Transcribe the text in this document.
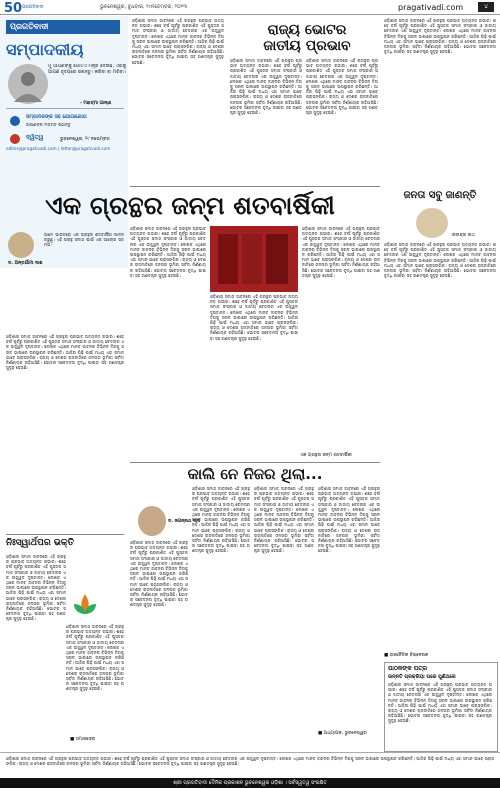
50 ପ୍ରଗତିବାଦୀ	ଭୁବନେଶ୍ୱର, ବୁଧବାର, ୨୯ନବେମ୍ବର, ୨୦୨୩	pragativadi.com	୪
ପ୍ରଗତିବାଦୀ
ସମ୍ପାଦକୀୟ
ମୁଁ ଆପଣଙ୍କୁ ଗୋଟିଏ ମନ୍ତ୍ର ଦେଉଛି, ଏହାକୁ ଆପଣ ହୃଦୟରେ ରଖନ୍ତୁ। କରିବା ବା ମରିବା।
- ମହାତ୍ମା ଗାନ୍ଧୀ
ସମ୍ପାଦକଙ୍କ ସହ ଯୋଗାଯୋଗ
ଆପଣଙ୍କ ମତାମତ ପଠାନ୍ତୁ
ଦ୍ୱିତ୍ୱ	ଭୁବନେଶ୍ୱର, ୨୯ ନଭେମ୍ବର
editor@pragativadi.com | letter@pragativadi.com
ଓଡ଼ିଶାର ସମାଜ ଜୀବନରେ ଏହି ଗ୍ରନ୍ଥର ପ୍ରଭାବ ଅତ୍ୟନ୍ତ ଗଭୀର। ଶହେ ବର୍ଷ ପୂର୍ବରୁ ପ୍ରକାଶିତ ଏହି ପୁସ୍ତକ ସମାଜ ସଂସ୍କାର ଓ ଜାତୀୟ ଚେତନାର ଏକ ଉଜ୍ଜ୍ୱଳ ଦୃଷ୍ଟାନ୍ତ। ଲେଖକ ଏଥିରେ ମାନବ ଜୀବନର ବିଭିନ୍ନ ଦିଗକୁ ସରଳ ଭାଷାରେ ଉପସ୍ଥାପନ କରିଛନ୍ତି। ଆଜିର ପିଢ଼ି ପାଇଁ ମଧ୍ୟ ଏହା ସମାନ ଭାବେ ପ୍ରାସଙ୍ଗିକ। ରାଜ୍ୟ ଓ ଦେଶର ରାଜନୀତିରେ ଜନତାର ଭୂମିକା ସର୍ବଦା ନିର୍ଣ୍ଣାୟକ ରହିଆସିଛି। ଭୋଟର ସଚେତନତା ବୃଦ୍ଧି ପାଇବା ସହ ଗଣତନ୍ତ୍ର ସୁଦୃଢ଼ ହେଉଛି।
ରାଜ୍ୟ ଭୋଟର
ଜାତୀୟ ପ୍ରଭାବ
ଓଡ଼ିଶାର ସମାଜ ଜୀବନରେ ଏହି ଗ୍ରନ୍ଥର ପ୍ରଭାବ ଅତ୍ୟନ୍ତ ଗଭୀର। ଶହେ ବର୍ଷ ପୂର୍ବରୁ ପ୍ରକାଶିତ ଏହି ପୁସ୍ତକ ସମାଜ ସଂସ୍କାର ଓ ଜାତୀୟ ଚେତନାର ଏକ ଉଜ୍ଜ୍ୱଳ ଦୃଷ୍ଟାନ୍ତ। ଲେଖକ ଏଥିରେ ମାନବ ଜୀବନର ବିଭିନ୍ନ ଦିଗକୁ ସରଳ ଭାଷାରେ ଉପସ୍ଥାପନ କରିଛନ୍ତି। ଆଜିର ପିଢ଼ି ପାଇଁ ମଧ୍ୟ ଏହା ସମାନ ଭାବେ ପ୍ରାସଙ୍ଗିକ। ରାଜ୍ୟ ଓ ଦେଶର ରାଜନୀତିରେ ଜନତାର ଭୂମିକା ସର୍ବଦା ନିର୍ଣ୍ଣାୟକ ରହିଆସିଛି। ଭୋଟର ସଚେତନତା ବୃଦ୍ଧି ପାଇବା ସହ ଗଣତନ୍ତ୍ର ସୁଦୃଢ଼ ହେଉଛି।
ଓଡ଼ିଶାର ସମାଜ ଜୀବନରେ ଏହି ଗ୍ରନ୍ଥର ପ୍ରଭାବ ଅତ୍ୟନ୍ତ ଗଭୀର। ଶହେ ବର୍ଷ ପୂର୍ବରୁ ପ୍ରକାଶିତ ଏହି ପୁସ୍ତକ ସମାଜ ସଂସ୍କାର ଓ ଜାତୀୟ ଚେତନାର ଏକ ଉଜ୍ଜ୍ୱଳ ଦୃଷ୍ଟାନ୍ତ। ଲେଖକ ଏଥିରେ ମାନବ ଜୀବନର ବିଭିନ୍ନ ଦିଗକୁ ସରଳ ଭାଷାରେ ଉପସ୍ଥାପନ କରିଛନ୍ତି। ଆଜିର ପିଢ଼ି ପାଇଁ ମଧ୍ୟ ଏହା ସମାନ ଭାବେ ପ୍ରାସଙ୍ଗିକ। ରାଜ୍ୟ ଓ ଦେଶର ରାଜନୀତିରେ ଜନତାର ଭୂମିକା ସର୍ବଦା ନିର୍ଣ୍ଣାୟକ ରହିଆସିଛି। ଭୋଟର ସଚେତନତା ବୃଦ୍ଧି ପାଇବା ସହ ଗଣତନ୍ତ୍ର ସୁଦୃଢ଼ ହେଉଛି।
ଓଡ଼ିଶାର ସମାଜ ଜୀବନରେ ଏହି ଗ୍ରନ୍ଥର ପ୍ରଭାବ ଅତ୍ୟନ୍ତ ଗଭୀର। ଶହେ ବର୍ଷ ପୂର୍ବରୁ ପ୍ରକାଶିତ ଏହି ପୁସ୍ତକ ସମାଜ ସଂସ୍କାର ଓ ଜାତୀୟ ଚେତନାର ଏକ ଉଜ୍ଜ୍ୱଳ ଦୃଷ୍ଟାନ୍ତ। ଲେଖକ ଏଥିରେ ମାନବ ଜୀବନର ବିଭିନ୍ନ ଦିଗକୁ ସରଳ ଭାଷାରେ ଉପସ୍ଥାପନ କରିଛନ୍ତି। ଆଜିର ପିଢ଼ି ପାଇଁ ମଧ୍ୟ ଏହା ସମାନ ଭାବେ ପ୍ରାସଙ୍ଗିକ। ରାଜ୍ୟ ଓ ଦେଶର ରାଜନୀତିରେ ଜନତାର ଭୂମିକା ସର୍ବଦା ନିର୍ଣ୍ଣାୟକ ରହିଆସିଛି। ଭୋଟର ସଚେତନତା ବୃଦ୍ଧି ପାଇବା ସହ ଗଣତନ୍ତ୍ର ସୁଦୃଢ଼ ହେଉଛି।
ଏକ ଗ୍ରନ୍ଥର ଜନ୍ମ ଶତବାର୍ଷିକୀ	ଜନତା ସବୁ ଜାଣନ୍ତି
ରବୀନ୍ଦ୍ର ନାଥ
ଓଡ଼ିଶାର ସମାଜ ଜୀବନରେ ଏହି ଗ୍ରନ୍ଥର ପ୍ରଭାବ ଅତ୍ୟନ୍ତ ଗଭୀର। ଶହେ ବର୍ଷ ପୂର୍ବରୁ ପ୍ରକାଶିତ ଏହି ପୁସ୍ତକ ସମାଜ ସଂସ୍କାର ଓ ଜାତୀୟ ଚେତନାର ଏକ ଉଜ୍ଜ୍ୱଳ ଦୃଷ୍ଟାନ୍ତ। ଲେଖକ ଏଥିରେ ମାନବ ଜୀବନର ବିଭିନ୍ନ ଦିଗକୁ ସରଳ ଭାଷାରେ ଉପସ୍ଥାପନ କରିଛନ୍ତି। ଆଜିର ପିଢ଼ି ପାଇଁ ମଧ୍ୟ ଏହା ସମାନ ଭାବେ ପ୍ରାସଙ୍ଗିକ। ରାଜ୍ୟ ଓ ଦେଶର ରାଜନୀତିରେ ଜନତାର ଭୂମିକା ସର୍ବଦା ନିର୍ଣ୍ଣାୟକ ରହିଆସିଛି। ଭୋଟର ସଚେତନତା ବୃଦ୍ଧି ପାଇବା ସହ ଗଣତନ୍ତ୍ର ସୁଦୃଢ଼ ହେଉଛି।
■ ରାଜନୈତିକ ବିଶ୍ଳେଷକ
ଡ. ଅନ୍ତର୍ଯାମୀ ଦାଶ
ଆମେ ଭାରତରେ ଏକ ଗ୍ରନ୍ଥର ଶତବାର୍ଷିକୀ ପାଳନ କରୁଛୁ। ଏହି ଗ୍ରନ୍ଥ ସମାଜ ପାଇଁ ଏକ ଆଲୋକ ସ୍ତମ୍ଭ।
ଓଡ଼ିଶାର ସମାଜ ଜୀବନରେ ଏହି ଗ୍ରନ୍ଥର ପ୍ରଭାବ ଅତ୍ୟନ୍ତ ଗଭୀର। ଶହେ ବର୍ଷ ପୂର୍ବରୁ ପ୍ରକାଶିତ ଏହି ପୁସ୍ତକ ସମାଜ ସଂସ୍କାର ଓ ଜାତୀୟ ଚେତନାର ଏକ ଉଜ୍ଜ୍ୱଳ ଦୃଷ୍ଟାନ୍ତ। ଲେଖକ ଏଥିରେ ମାନବ ଜୀବନର ବିଭିନ୍ନ ଦିଗକୁ ସରଳ ଭାଷାରେ ଉପସ୍ଥାପନ କରିଛନ୍ତି। ଆଜିର ପିଢ଼ି ପାଇଁ ମଧ୍ୟ ଏହା ସମାନ ଭାବେ ପ୍ରାସଙ୍ଗିକ। ରାଜ୍ୟ ଓ ଦେଶର ରାଜନୀତିରେ ଜନତାର ଭୂମିକା ସର୍ବଦା ନିର୍ଣ୍ଣାୟକ ରହିଆସିଛି। ଭୋଟର ସଚେତନତା ବୃଦ୍ଧି ପାଇବା ସହ ଗଣତନ୍ତ୍ର ସୁଦୃଢ଼ ହେଉଛି।
ଓଡ଼ିଶାର ସମାଜ ଜୀବନରେ ଏହି ଗ୍ରନ୍ଥର ପ୍ରଭାବ ଅତ୍ୟନ୍ତ ଗଭୀର। ଶହେ ବର୍ଷ ପୂର୍ବରୁ ପ୍ରକାଶିତ ଏହି ପୁସ୍ତକ ସମାଜ ସଂସ୍କାର ଓ ଜାତୀୟ ଚେତନାର ଏକ ଉଜ୍ଜ୍ୱଳ ଦୃଷ୍ଟାନ୍ତ। ଲେଖକ ଏଥିରେ ମାନବ ଜୀବନର ବିଭିନ୍ନ ଦିଗକୁ ସରଳ ଭାଷାରେ ଉପସ୍ଥାପନ କରିଛନ୍ତି। ଆଜିର ପିଢ଼ି ପାଇଁ ମଧ୍ୟ ଏହା ସମାନ ଭାବେ ପ୍ରାସଙ୍ଗିକ। ରାଜ୍ୟ ଓ ଦେଶର ରାଜନୀତିରେ ଜନତାର ଭୂମିକା ସର୍ବଦା ନିର୍ଣ୍ଣାୟକ ରହିଆସିଛି। ଭୋଟର ସଚେତନତା ବୃଦ୍ଧି ପାଇବା ସହ ଗଣତନ୍ତ୍ର ସୁଦୃଢ଼ ହେଉଛି।
ଓଡ଼ିଶାର ସମାଜ ଜୀବନରେ ଏହି ଗ୍ରନ୍ଥର ପ୍ରଭାବ ଅତ୍ୟନ୍ତ ଗଭୀର। ଶହେ ବର୍ଷ ପୂର୍ବରୁ ପ୍ରକାଶିତ ଏହି ପୁସ୍ତକ ସମାଜ ସଂସ୍କାର ଓ ଜାତୀୟ ଚେତନାର ଏକ ଉଜ୍ଜ୍ୱଳ ଦୃଷ୍ଟାନ୍ତ। ଲେଖକ ଏଥିରେ ମାନବ ଜୀବନର ବିଭିନ୍ନ ଦିଗକୁ ସରଳ ଭାଷାରେ ଉପସ୍ଥାପନ କରିଛନ୍ତି। ଆଜିର ପିଢ଼ି ପାଇଁ ମଧ୍ୟ ଏହା ସମାନ ଭାବେ ପ୍ରାସଙ୍ଗିକ। ରାଜ୍ୟ ଓ ଦେଶର ରାଜନୀତିରେ ଜନତାର ଭୂମିକା ସର୍ବଦା ନିର୍ଣ୍ଣାୟକ ରହିଆସିଛି। ଭୋଟର ସଚେତନତା ବୃଦ୍ଧି ପାଇବା ସହ ଗଣତନ୍ତ୍ର ସୁଦୃଢ଼ ହେଉଛି।
ଓଡ଼ିଶାର ସମାଜ ଜୀବନରେ ଏହି ଗ୍ରନ୍ଥର ପ୍ରଭାବ ଅତ୍ୟନ୍ତ ଗଭୀର। ଶହେ ବର୍ଷ ପୂର୍ବରୁ ପ୍ରକାଶିତ ଏହି ପୁସ୍ତକ ସମାଜ ସଂସ୍କାର ଓ ଜାତୀୟ ଚେତନାର ଏକ ଉଜ୍ଜ୍ୱଳ ଦୃଷ୍ଟାନ୍ତ। ଲେଖକ ଏଥିରେ ମାନବ ଜୀବନର ବିଭିନ୍ନ ଦିଗକୁ ସରଳ ଭାଷାରେ ଉପସ୍ଥାପନ କରିଛନ୍ତି। ଆଜିର ପିଢ଼ି ପାଇଁ ମଧ୍ୟ ଏହା ସମାନ ଭାବେ ପ୍ରାସଙ୍ଗିକ। ରାଜ୍ୟ ଓ ଦେଶର ରାଜନୀତିରେ ଜନତାର ଭୂମିକା ସର୍ବଦା ନିର୍ଣ୍ଣାୟକ ରହିଆସିଛି। ଭୋଟର ସଚେତନତା ବୃଦ୍ଧି ପାଇବା ସହ ଗଣତନ୍ତ୍ର ସୁଦୃଢ଼ ହେଉଛି।
ଏକ ଗ୍ରନ୍ଥର ଜନ୍ମ ଶତବାର୍ଷିକୀ
ନିଃସ୍ୱାର୍ଥପର ଭକ୍ତି
ଓଡ଼ିଶାର ସମାଜ ଜୀବନରେ ଏହି ଗ୍ରନ୍ଥର ପ୍ରଭାବ ଅତ୍ୟନ୍ତ ଗଭୀର। ଶହେ ବର୍ଷ ପୂର୍ବରୁ ପ୍ରକାଶିତ ଏହି ପୁସ୍ତକ ସମାଜ ସଂସ୍କାର ଓ ଜାତୀୟ ଚେତନାର ଏକ ଉଜ୍ଜ୍ୱଳ ଦୃଷ୍ଟାନ୍ତ। ଲେଖକ ଏଥିରେ ମାନବ ଜୀବନର ବିଭିନ୍ନ ଦିଗକୁ ସରଳ ଭାଷାରେ ଉପସ୍ଥାପନ କରିଛନ୍ତି। ଆଜିର ପିଢ଼ି ପାଇଁ ମଧ୍ୟ ଏହା ସମାନ ଭାବେ ପ୍ରାସଙ୍ଗିକ। ରାଜ୍ୟ ଓ ଦେଶର ରାଜନୀତିରେ ଜନତାର ଭୂମିକା ସର୍ବଦା ନିର୍ଣ୍ଣାୟକ ରହିଆସିଛି। ଭୋଟର ସଚେତନତା ବୃଦ୍ଧି ପାଇବା ସହ ଗଣତନ୍ତ୍ର ସୁଦୃଢ଼ ହେଉଛି।
ଓଡ଼ିଶାର ସମାଜ ଜୀବନରେ ଏହି ଗ୍ରନ୍ଥର ପ୍ରଭାବ ଅତ୍ୟନ୍ତ ଗଭୀର। ଶହେ ବର୍ଷ ପୂର୍ବରୁ ପ୍ରକାଶିତ ଏହି ପୁସ୍ତକ ସମାଜ ସଂସ୍କାର ଓ ଜାତୀୟ ଚେତନାର ଏକ ଉଜ୍ଜ୍ୱଳ ଦୃଷ୍ଟାନ୍ତ। ଲେଖକ ଏଥିରେ ମାନବ ଜୀବନର ବିଭିନ୍ନ ଦିଗକୁ ସରଳ ଭାଷାରେ ଉପସ୍ଥାପନ କରିଛନ୍ତି। ଆଜିର ପିଢ଼ି ପାଇଁ ମଧ୍ୟ ଏହା ସମାନ ଭାବେ ପ୍ରାସଙ୍ଗିକ। ରାଜ୍ୟ ଓ ଦେଶର ରାଜନୀତିରେ ଜନତାର ଭୂମିକା ସର୍ବଦା ନିର୍ଣ୍ଣାୟକ ରହିଆସିଛି। ଭୋଟର ସଚେତନତା ବୃଦ୍ଧି ପାଇବା ସହ ଗଣତନ୍ତ୍ର ସୁଦୃଢ଼ ହେଉଛି।
■ ସମାଜସେବୀ
କାଲି ନେ ନିଜର ଥିଲା...
ଡ. ଜଗନ୍ନାଥ ଦାସ
ଓଡ଼ିଶାର ସମାଜ ଜୀବନରେ ଏହି ଗ୍ରନ୍ଥର ପ୍ରଭାବ ଅତ୍ୟନ୍ତ ଗଭୀର। ଶହେ ବର୍ଷ ପୂର୍ବରୁ ପ୍ରକାଶିତ ଏହି ପୁସ୍ତକ ସମାଜ ସଂସ୍କାର ଓ ଜାତୀୟ ଚେତନାର ଏକ ଉଜ୍ଜ୍ୱଳ ଦୃଷ୍ଟାନ୍ତ। ଲେଖକ ଏଥିରେ ମାନବ ଜୀବନର ବିଭିନ୍ନ ଦିଗକୁ ସରଳ ଭାଷାରେ ଉପସ୍ଥାପନ କରିଛନ୍ତି। ଆଜିର ପିଢ଼ି ପାଇଁ ମଧ୍ୟ ଏହା ସମାନ ଭାବେ ପ୍ରାସଙ୍ଗିକ। ରାଜ୍ୟ ଓ ଦେଶର ରାଜନୀତିରେ ଜନତାର ଭୂମିକା ସର୍ବଦା ନିର୍ଣ୍ଣାୟକ ରହିଆସିଛି। ଭୋଟର ସଚେତନତା ବୃଦ୍ଧି ପାଇବା ସହ ଗଣତନ୍ତ୍ର ସୁଦୃଢ଼ ହେଉଛି।
ଓଡ଼ିଶାର ସମାଜ ଜୀବନରେ ଏହି ଗ୍ରନ୍ଥର ପ୍ରଭାବ ଅତ୍ୟନ୍ତ ଗଭୀର। ଶହେ ବର୍ଷ ପୂର୍ବରୁ ପ୍ରକାଶିତ ଏହି ପୁସ୍ତକ ସମାଜ ସଂସ୍କାର ଓ ଜାତୀୟ ଚେତନାର ଏକ ଉଜ୍ଜ୍ୱଳ ଦୃଷ୍ଟାନ୍ତ। ଲେଖକ ଏଥିରେ ମାନବ ଜୀବନର ବିଭିନ୍ନ ଦିଗକୁ ସରଳ ଭାଷାରେ ଉପସ୍ଥାପନ କରିଛନ୍ତି। ଆଜିର ପିଢ଼ି ପାଇଁ ମଧ୍ୟ ଏହା ସମାନ ଭାବେ ପ୍ରାସଙ୍ଗିକ। ରାଜ୍ୟ ଓ ଦେଶର ରାଜନୀତିରେ ଜନତାର ଭୂମିକା ସର୍ବଦା ନିର୍ଣ୍ଣାୟକ ରହିଆସିଛି। ଭୋଟର ସଚେତନତା ବୃଦ୍ଧି ପାଇବା ସହ ଗଣତନ୍ତ୍ର ସୁଦୃଢ଼ ହେଉଛି।
ଓଡ଼ିଶାର ସମାଜ ଜୀବନରେ ଏହି ଗ୍ରନ୍ଥର ପ୍ରଭାବ ଅତ୍ୟନ୍ତ ଗଭୀର। ଶହେ ବର୍ଷ ପୂର୍ବରୁ ପ୍ରକାଶିତ ଏହି ପୁସ୍ତକ ସମାଜ ସଂସ୍କାର ଓ ଜାତୀୟ ଚେତନାର ଏକ ଉଜ୍ଜ୍ୱଳ ଦୃଷ୍ଟାନ୍ତ। ଲେଖକ ଏଥିରେ ମାନବ ଜୀବନର ବିଭିନ୍ନ ଦିଗକୁ ସରଳ ଭାଷାରେ ଉପସ୍ଥାପନ କରିଛନ୍ତି। ଆଜିର ପିଢ଼ି ପାଇଁ ମଧ୍ୟ ଏହା ସମାନ ଭାବେ ପ୍ରାସଙ୍ଗିକ। ରାଜ୍ୟ ଓ ଦେଶର ରାଜନୀତିରେ ଜନତାର ଭୂମିକା ସର୍ବଦା ନିର୍ଣ୍ଣାୟକ ରହିଆସିଛି। ଭୋଟର ସଚେତନତା ବୃଦ୍ଧି ପାଇବା ସହ ଗଣତନ୍ତ୍ର ସୁଦୃଢ଼ ହେଉଛି।
ଓଡ଼ିଶାର ସମାଜ ଜୀବନରେ ଏହି ଗ୍ରନ୍ଥର ପ୍ରଭାବ ଅତ୍ୟନ୍ତ ଗଭୀର। ଶହେ ବର୍ଷ ପୂର୍ବରୁ ପ୍ରକାଶିତ ଏହି ପୁସ୍ତକ ସମାଜ ସଂସ୍କାର ଓ ଜାତୀୟ ଚେତନାର ଏକ ଉଜ୍ଜ୍ୱଳ ଦୃଷ୍ଟାନ୍ତ। ଲେଖକ ଏଥିରେ ମାନବ ଜୀବନର ବିଭିନ୍ନ ଦିଗକୁ ସରଳ ଭାଷାରେ ଉପସ୍ଥାପନ କରିଛନ୍ତି। ଆଜିର ପିଢ଼ି ପାଇଁ ମଧ୍ୟ ଏହା ସମାନ ଭାବେ ପ୍ରାସଙ୍ଗିକ। ରାଜ୍ୟ ଓ ଦେଶର ରାଜନୀତିରେ ଜନତାର ଭୂମିକା ସର୍ବଦା ନିର୍ଣ୍ଣାୟକ ରହିଆସିଛି। ଭୋଟର ସଚେତନତା ବୃଦ୍ଧି ପାଇବା ସହ ଗଣତନ୍ତ୍ର ସୁଦୃଢ଼ ହେଉଛି।
■ ଅଧ୍ୟାପକ, ଭୁବନେଶ୍ୱର
ପାଠକଙ୍କ ପତ୍ର
ଉନ୍ନତି ପ୍ରକ୍ରିୟା ପରେ ପୁଣିଥରେ
ଓଡ଼ିଶାର ସମାଜ ଜୀବନରେ ଏହି ଗ୍ରନ୍ଥର ପ୍ରଭାବ ଅତ୍ୟନ୍ତ ଗଭୀର। ଶହେ ବର୍ଷ ପୂର୍ବରୁ ପ୍ରକାଶିତ ଏହି ପୁସ୍ତକ ସମାଜ ସଂସ୍କାର ଓ ଜାତୀୟ ଚେତନାର ଏକ ଉଜ୍ଜ୍ୱଳ ଦୃଷ୍ଟାନ୍ତ। ଲେଖକ ଏଥିରେ ମାନବ ଜୀବନର ବିଭିନ୍ନ ଦିଗକୁ ସରଳ ଭାଷାରେ ଉପସ୍ଥାପନ କରିଛନ୍ତି। ଆଜିର ପିଢ଼ି ପାଇଁ ମଧ୍ୟ ଏହା ସମାନ ଭାବେ ପ୍ରାସଙ୍ଗିକ। ରାଜ୍ୟ ଓ ଦେଶର ରାଜନୀତିରେ ଜନତାର ଭୂମିକା ସର୍ବଦା ନିର୍ଣ୍ଣାୟକ ରହିଆସିଛି। ଭୋଟର ସଚେତନତା ବୃଦ୍ଧି ପାଇବା ସହ ଗଣତନ୍ତ୍ର ସୁଦୃଢ଼ ହେଉଛି।
ଓଡ଼ିଶାର ସମାଜ ଜୀବନରେ ଏହି ଗ୍ରନ୍ଥର ପ୍ରଭାବ ଅତ୍ୟନ୍ତ ଗଭୀର। ଶହେ ବର୍ଷ ପୂର୍ବରୁ ପ୍ରକାଶିତ ଏହି ପୁସ୍ତକ ସମାଜ ସଂସ୍କାର ଓ ଜାତୀୟ ଚେତନାର ଏକ ଉଜ୍ଜ୍ୱଳ ଦୃଷ୍ଟାନ୍ତ। ଲେଖକ ଏଥିରେ ମାନବ ଜୀବନର ବିଭିନ୍ନ ଦିଗକୁ ସରଳ ଭାଷାରେ ଉପସ୍ଥାପନ କରିଛନ୍ତି। ଆଜିର ପିଢ଼ି ପାଇଁ ମଧ୍ୟ ଏହା ସମାନ ଭାବେ ପ୍ରାସଙ୍ଗିକ। ରାଜ୍ୟ ଓ ଦେଶର ରାଜନୀତିରେ ଜନତାର ଭୂମିକା ସର୍ବଦା ନିର୍ଣ୍ଣାୟକ ରହିଆସିଛି। ଭୋଟର ସଚେତନତା ବୃଦ୍ଧି ପାଇବା ସହ ଗଣତନ୍ତ୍ର ସୁଦୃଢ଼ ହେଉଛି।
ଶ୍ରୀ ପ୍ରଗତିବାଦୀ ଦୈନିକ ପ୍ରକାଶନ ଭୁବନେଶ୍ୱର ଓଡ଼ିଶା । ସର୍ବସ୍ୱତ୍ୱ ସଂରକ୍ଷିତ
